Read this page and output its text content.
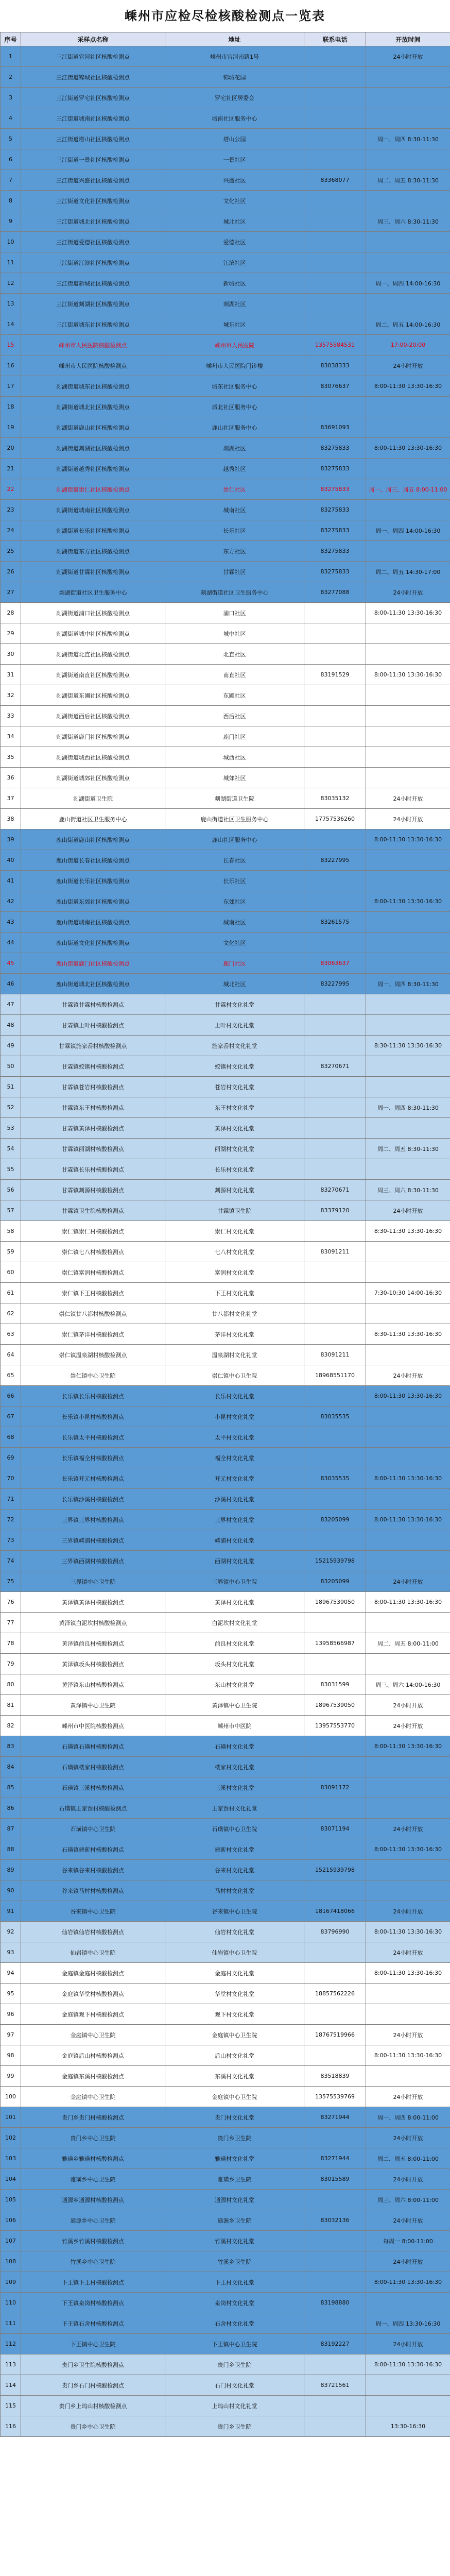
嵊州市应检尽检核酸检测点一览表
序号	采样点名称	地址	联系电话	开放时间
1	三江街道官河社区核酸检测点	嵊州市官河南路1号		24小时开放
2	三江街道锦城社区核酸检测点	锦城花园		
3	三江街道罗宅社区核酸检测点	罗宅社区居委会		
4	三江街道城南社区核酸检测点	城南社区服务中心		
5	三江街道塔山社区核酸检测点	塔山公园		周一、周四 8:30-11:30
6	三江街道一景社区核酸检测点	一景社区		
7	三江街道兴盛社区核酸检测点	兴盛社区	83368077	周二、周五 8:30-11:30
8	三江街道文化社区核酸检测点	文化社区		
9	三江街道城北社区核酸检测点	城北社区		周三、周六 8:30-11:30
10	三江街道爱德社区核酸检测点	爱德社区		
11	三江街道江滨社区核酸检测点	江滨社区		
12	三江街道新城社区核酸检测点	新城社区		周一、周四 14:00-16:30
13	三江街道剡湖社区核酸检测点	剡湖社区		
14	三江街道城东社区核酸检测点	城东社区		周二、周五 14:00-16:30
15	嵊州市人民医院核酸检测点	嵊州市人民医院	13575584531	17:00-20:00
16	嵊州市人民医院核酸检测点	嵊州市人民医院门诊楼	83038333	24小时开放
17	剡湖街道城东社区核酸检测点	城东社区服务中心	83076637	8:00-11:30 13:30-16:30
18	剡湖街道城北社区核酸检测点	城北社区服务中心		
19	剡湖街道鹿山社区核酸检测点	鹿山社区服务中心	83691093	
20	剡湖街道剡湖社区核酸检测点	剡湖社区	83275833	8:00-11:30 13:30-16:30
21	剡湖街道越秀社区核酸检测点	越秀社区	83275833	
22	剡湖街道崇仁社区核酸检测点	崇仁社区	83275833	周一、周三、周五 8:00-11:00
23	剡湖街道城南社区核酸检测点	城南社区	83275833	
24	剡湖街道长乐社区核酸检测点	长乐社区	83275833	周一、周四 14:00-16:30
25	剡湖街道东方社区核酸检测点	东方社区	83275833	
26	剡湖街道甘霖社区核酸检测点	甘霖社区	83275833	周二、周五 14:30-17:00
27	剡湖街道社区卫生服务中心	剡湖街道社区卫生服务中心	83277088	24小时开放
28	剡湖街道浦口社区核酸检测点	浦口社区		8:00-11:30 13:30-16:30
29	剡湖街道城中社区核酸检测点	城中社区		
30	剡湖街道北直社区核酸检测点	北直社区		
31	剡湖街道南直社区核酸检测点	南直社区	83191529	8:00-11:30 13:30-16:30
32	剡湖街道东圃社区核酸检测点	东圃社区		
33	剡湖街道西后社区核酸检测点	西后社区		
34	剡湖街道鹿门社区核酸检测点	鹿门社区		
35	剡湖街道城西社区核酸检测点	城西社区		
36	剡湖街道城郊社区核酸检测点	城郊社区		
37	剡湖街道卫生院	剡湖街道卫生院	83035132	24小时开放
38	鹿山街道社区卫生服务中心	鹿山街道社区卫生服务中心	17757536260	24小时开放
39	鹿山街道鹿山社区核酸检测点	鹿山社区服务中心		8:00-11:30 13:30-16:30
40	鹿山街道长春社区核酸检测点	长春社区	83227995	
41	鹿山街道长乐社区核酸检测点	长乐社区		
42	鹿山街道东郊社区核酸检测点	东郊社区		8:00-11:30 13:30-16:30
43	鹿山街道城南社区核酸检测点	城南社区	83261575	
44	鹿山街道文化社区核酸检测点	文化社区		
45	鹿山街道鹿门社区核酸检测点	鹿门社区	83063637	
46	鹿山街道城北社区核酸检测点	城北社区	83227995	周一、周四 8:30-11:30
47	甘霖镇甘霖村核酸检测点	甘霖村文化礼堂		
48	甘霖镇上叶村核酸检测点	上叶村文化礼堂		
49	甘霖镇施家岙村核酸检测点	施家岙村文化礼堂		8:30-11:30 13:30-16:30
50	甘霖镇蛟镇村核酸检测点	蛟镇村文化礼堂	83270671	
51	甘霖镇苍岩村核酸检测点	苍岩村文化礼堂		
52	甘霖镇东王村核酸检测点	东王村文化礼堂		周一、周四 8:30-11:30
53	甘霖镇黄泽村核酸检测点	黄泽村文化礼堂		
54	甘霖镇丽湖村核酸检测点	丽湖村文化礼堂		周二、周五 8:30-11:30
55	甘霖镇长乐村核酸检测点	长乐村文化礼堂		
56	甘霖镇剡源村核酸检测点	剡源村文化礼堂	83270671	周三、周六 8:30-11:30
57	甘霖镇卫生院核酸检测点	甘霖镇卫生院	83379120	24小时开放
58	崇仁镇崇仁村核酸检测点	崇仁村文化礼堂		8:30-11:30 13:30-16:30
59	崇仁镇七八村核酸检测点	七八村文化礼堂	83091211	
60	崇仁镇富润村核酸检测点	富润村文化礼堂		
61	崇仁镇下王村核酸检测点	下王村文化礼堂		7:30-10:30 14:00-16:30
62	崇仁镇廿八都村核酸检测点	廿八都村文化礼堂		
63	崇仁镇茅洋村核酸检测点	茅洋村文化礼堂		8:30-11:30 13:30-16:30
64	崇仁镇温泉湖村核酸检测点	温泉湖村文化礼堂	83091211	
65	崇仁镇中心卫生院	崇仁镇中心卫生院	18968551170	24小时开放
66	长乐镇长乐村核酸检测点	长乐村文化礼堂		8:00-11:30 13:30-16:30
67	长乐镇小昆村核酸检测点	小昆村文化礼堂	83035535	
68	长乐镇太平村核酸检测点	太平村文化礼堂		
69	长乐镇福全村核酸检测点	福全村文化礼堂		
70	长乐镇开元村核酸检测点	开元村文化礼堂	83035535	8:00-11:30 13:30-16:30
71	长乐镇沙溪村核酸检测点	沙溪村文化礼堂		
72	三界镇三界村核酸检测点	三界村文化礼堂	83205099	8:00-11:30 13:30-16:30
73	三界镇嶀浦村核酸检测点	嶀浦村文化礼堂		
74	三界镇西湖村核酸检测点	西湖村文化礼堂	15215939798	
75	三界镇中心卫生院	三界镇中心卫生院	83205099	24小时开放
76	黄泽镇黄泽村核酸检测点	黄泽村文化礼堂	18967539050	8:00-11:30 13:30-16:30
77	黄泽镇白泥坎村核酸检测点	白泥坎村文化礼堂		
78	黄泽镇前良村核酸检测点	前良村文化礼堂	13958566987	周二、周五 8:00-11:00
79	黄泽镇坂头村核酸检测点	坂头村文化礼堂		
80	黄泽镇东山村核酸检测点	东山村文化礼堂	83031599	周三、周六 14:00-16:30
81	黄泽镇中心卫生院	黄泽镇中心卫生院	18967539050	24小时开放
82	嵊州市中医院核酸检测点	嵊州市中医院	13957553770	24小时开放
83	石璜镇石璜村核酸检测点	石璜村文化礼堂		8:00-11:30 13:30-16:30
84	石璜镇楼家村核酸检测点	楼家村文化礼堂		
85	石璜镇三溪村核酸检测点	三溪村文化礼堂	83091172	
86	石璜镇王家岙村核酸检测点	王家岙村文化礼堂		
87	石璜镇中心卫生院	石璜镇中心卫生院	83071194	24小时开放
88	石璜镇建新村核酸检测点	建新村文化礼堂		8:00-11:30 13:30-16:30
89	谷来镇谷来村核酸检测点	谷来村文化礼堂	15215939798	
90	谷来镇马村村核酸检测点	马村村文化礼堂		
91	谷来镇中心卫生院	谷来镇中心卫生院	18167418066	24小时开放
92	仙岩镇仙岩村核酸检测点	仙岩村文化礼堂	83796990	8:00-11:30 13:30-16:30
93	仙岩镇中心卫生院	仙岩镇中心卫生院		24小时开放
94	金庭镇金庭村核酸检测点	金庭村文化礼堂		8:00-11:30 13:30-16:30
95	金庭镇华堂村核酸检测点	华堂村文化礼堂	18857562226	
96	金庭镇观下村核酸检测点	观下村文化礼堂		
97	金庭镇中心卫生院	金庭镇中心卫生院	18767519966	24小时开放
98	金庭镇后山村核酸检测点	后山村文化礼堂		8:00-11:30 13:30-16:30
99	金庭镇东溪村核酸检测点	东溪村文化礼堂	83518839	
100	金庭镇中心卫生院	金庭镇中心卫生院	13575539769	24小时开放
101	贵门乡贵门村核酸检测点	贵门村文化礼堂	83271944	周一、周四 8:00-11:00
102	贵门乡中心卫生院	贵门乡卫生院		24小时开放
103	雅璜乡雅璜村核酸检测点	雅璜村文化礼堂	83271944	周二、周五 8:00-11:00
104	雅璜乡中心卫生院	雅璜乡卫生院	83015589	24小时开放
105	通源乡通源村核酸检测点	通源村文化礼堂		周三、周六 8:00-11:00
106	通源乡中心卫生院	通源乡卫生院	83032136	24小时开放
107	竹溪乡竹溪村核酸检测点	竹溪村文化礼堂		每周一 8:00-11:00
108	竹溪乡中心卫生院	竹溪乡卫生院		24小时开放
109	下王镇下王村核酸检测点	下王村文化礼堂		8:00-11:30 13:30-16:30
110	下王镇泉岗村核酸检测点	泉岗村文化礼堂	83198880	
111	下王镇石舍村核酸检测点	石舍村文化礼堂		周一、周四 13:30-16:30
112	下王镇中心卫生院	下王镇中心卫生院	83192227	24小时开放
113	贵门乡卫生院核酸检测点	贵门乡卫生院		8:00-11:30 13:30-16:30
114	贵门乡石门村核酸检测点	石门村文化礼堂	83721561	
115	贵门乡上坞山村核酸检测点	上坞山村文化礼堂		
116	贵门乡中心卫生院	贵门乡卫生院		13:30-16:30
